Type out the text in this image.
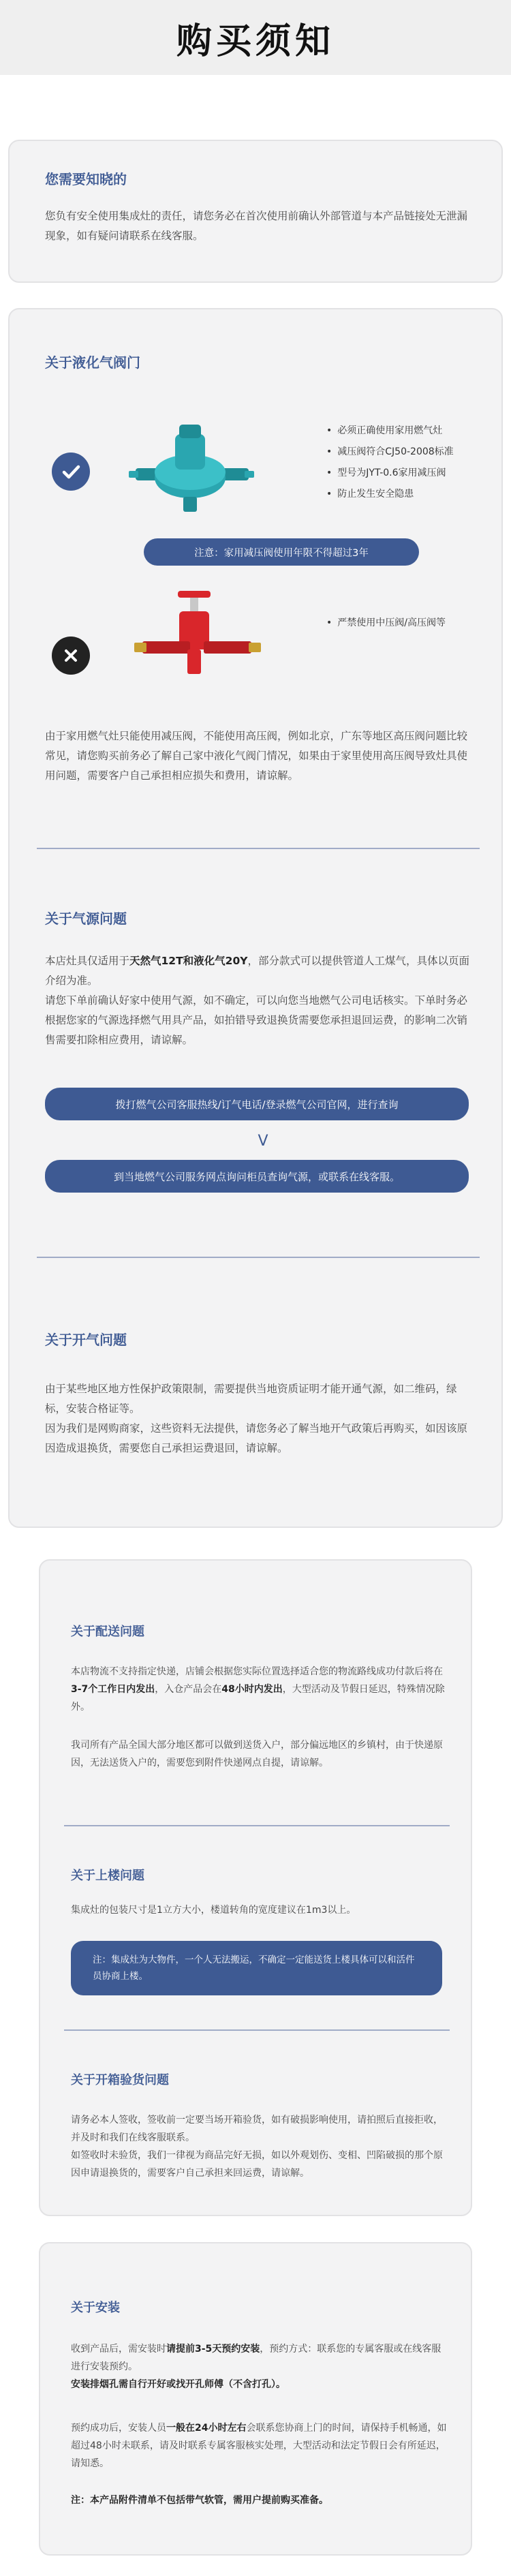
购买须知
您需要知晓的
您负有安全使用集成灶的责任，请您务必在首次使用前确认外部管道与本产品链接处无泄漏现象，如有疑问请联系在线客服。
关于液化气阀门
• 必须正确使用家用燃气灶
• 减压阀符合CJ50-2008标准
• 型号为JYT-0.6家用减压阀
• 防止发生安全隐患
注意：家用减压阀使用年限不得超过3年
• 严禁使用中压阀/高压阀等
由于家用燃气灶只能使用减压阀，不能使用高压阀，例如北京，广东等地区高压阀问题比较常见，请您购买前务必了解自己家中液化气阀门情况，如果由于家里使用高压阀导致灶具使用问题，需要客户自己承担相应损失和费用，请谅解。
关于气源问题
本店灶具仅适用于天然气12T和液化气20Y，部分款式可以提供管道人工煤气，具体以页面介绍为准。
请您下单前确认好家中使用气源，如不确定，可以向您当地燃气公司电话核实。下单时务必根据您家的气源选择燃气用具产品，如拍错导致退换货需要您承担退回运费，的影响二次销售需要扣除相应费用，请谅解。
拨打燃气公司客服热线/订气电话/登录燃气公司官网，进行查询
V
到当地燃气公司服务网点询问柜员查询气源，或联系在线客服。
关于开气问题
由于某些地区地方性保护政策限制，需要提供当地资质证明才能开通气源，如二维码，绿标，安装合格证等。
因为我们是网购商家，这些资料无法提供，请您务必了解当地开气政策后再购买，如因该原因造成退换货，需要您自己承担运费退回，请谅解。
关于配送问题
本店物流不支持指定快递，店铺会根据您实际位置选择适合您的物流路线成功付款后将在3-7个工作日内发出，入仓产品会在48小时内发出，大型活动及节假日延迟，特殊情况除外。
我司所有产品全国大部分地区都可以做到送货入户，部分偏远地区的乡镇村，由于快递原因，无法送货入户的，需要您到附件快递网点自提，请谅解。
关于上楼问题
集成灶的包装尺寸是1立方大小，楼道转角的宽度建议在1m3以上。
注：集成灶为大物件，一个人无法搬运，不确定一定能送货上楼具体可以和活件员协商上楼。
关于开箱验货问题
请务必本人签收，签收前一定要当场开箱验货，如有破损影响使用，请拍照后直接拒收，并及时和我们在线客服联系。
如签收时未验货，我们一律视为商品完好无损，如以外观划伤、变相、凹陷破损的那个原因申请退换货的，需要客户自己承担来回运费，请谅解。
关于安装
收到产品后，需安装时请提前3-5天预约安装，预约方式：联系您的专属客服或在线客服进行安装预约。
安装排烟孔需自行开好或找开孔师傅（不含打孔）。
预约成功后，安装人员一般在24小时左右会联系您协商上门的时间，请保持手机畅通，如超过48小时未联系，请及时联系专属客服核实处理，大型活动和法定节假日会有所延迟，请知悉。
注：本产品附件清单不包括带气软管，需用户提前购买准备。
